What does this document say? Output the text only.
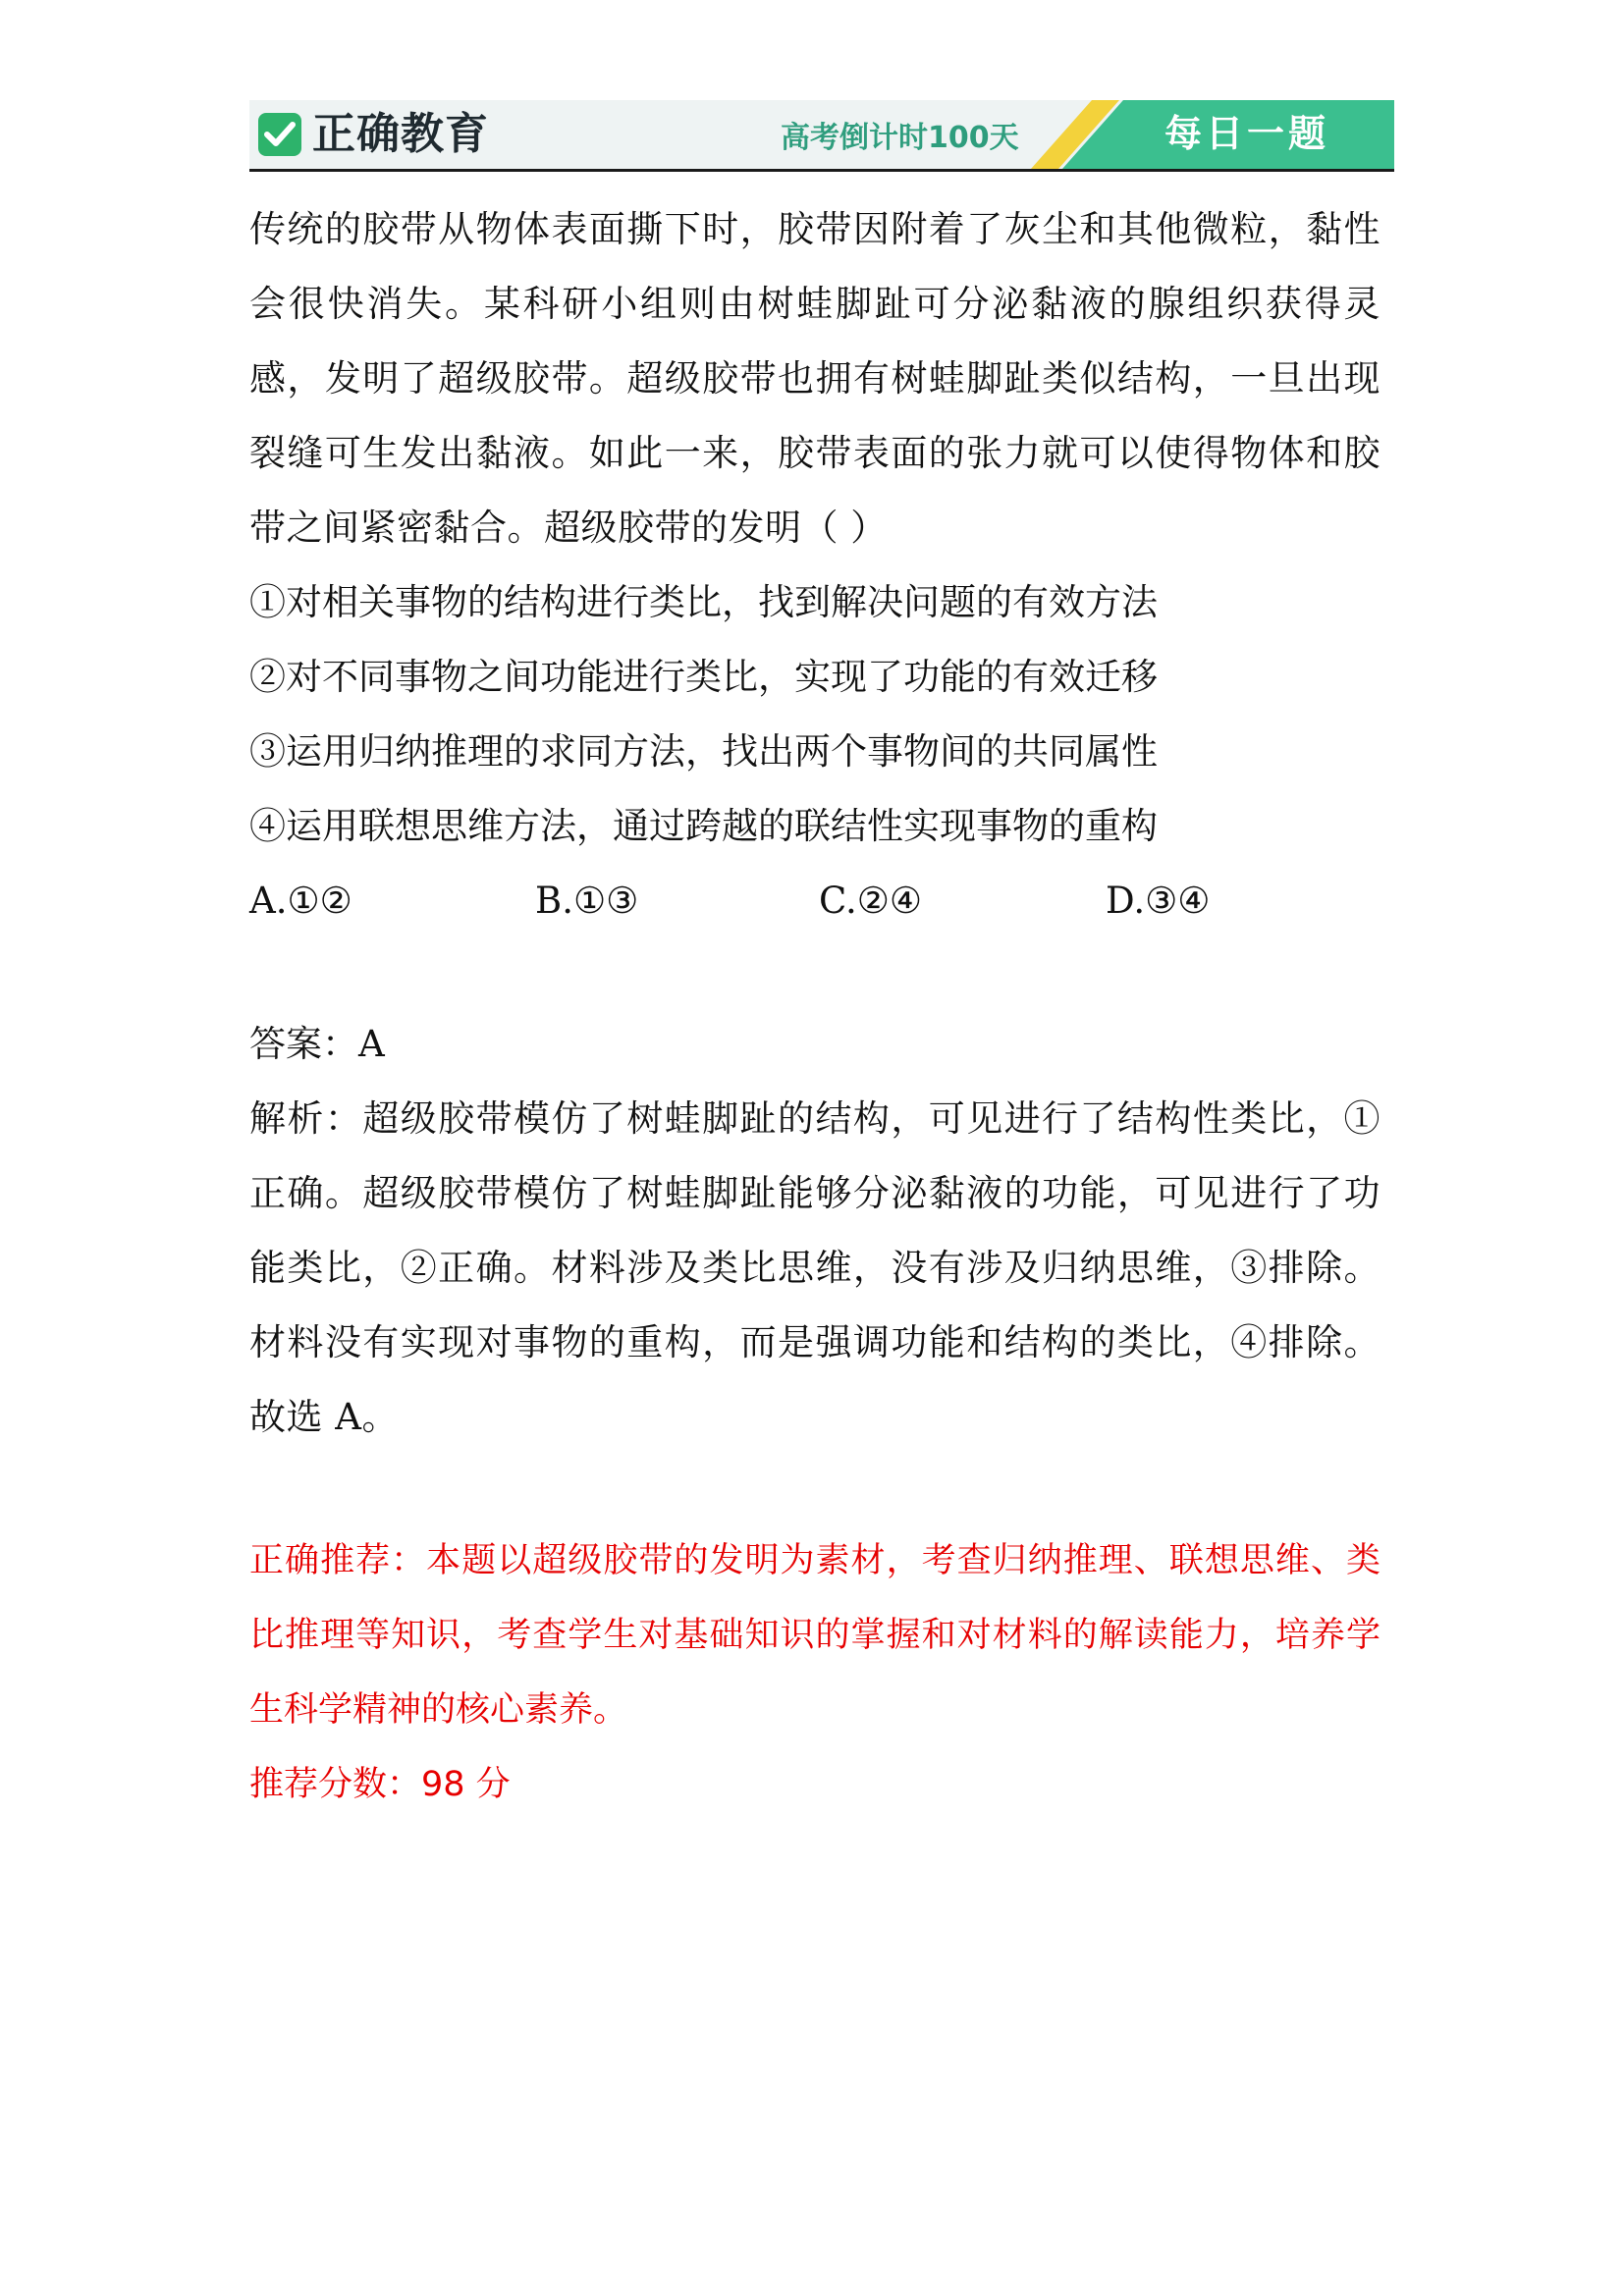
正确教育	高考倒计时100天	每日一题

传统的胶带从物体表面撕下时，胶带因附着了灰尘和其他微粒，黏性会很快消失。某科研小组则由树蛙脚趾可分泌黏液的腺组织获得灵感，发明了超级胶带。超级胶带也拥有树蛙脚趾类似结构，一旦出现裂缝可生发出黏液。如此一来，胶带表面的张力就可以使得物体和胶带之间紧密黏合。超级胶带的发明（ ）

①对相关事物的结构进行类比，找到解决问题的有效方法

②对不同事物之间功能进行类比，实现了功能的有效迁移

③运用归纳推理的求同方法，找出两个事物间的共同属性

④运用联想思维方法，通过跨越的联结性实现事物的重构

A.①②	B.①③	C.②④	D.③④

答案：A

解析：超级胶带模仿了树蛙脚趾的结构，可见进行了结构性类比，①正确。超级胶带模仿了树蛙脚趾能够分泌黏液的功能，可见进行了功能类比，②正确。材料涉及类比思维，没有涉及归纳思维，③排除。材料没有实现对事物的重构，而是强调功能和结构的类比，④排除。故选 A。

正确推荐：本题以超级胶带的发明为素材，考查归纳推理、联想思维、类比推理等知识，考查学生对基础知识的掌握和对材料的解读能力，培养学生科学精神的核心素养。

推荐分数：98 分
